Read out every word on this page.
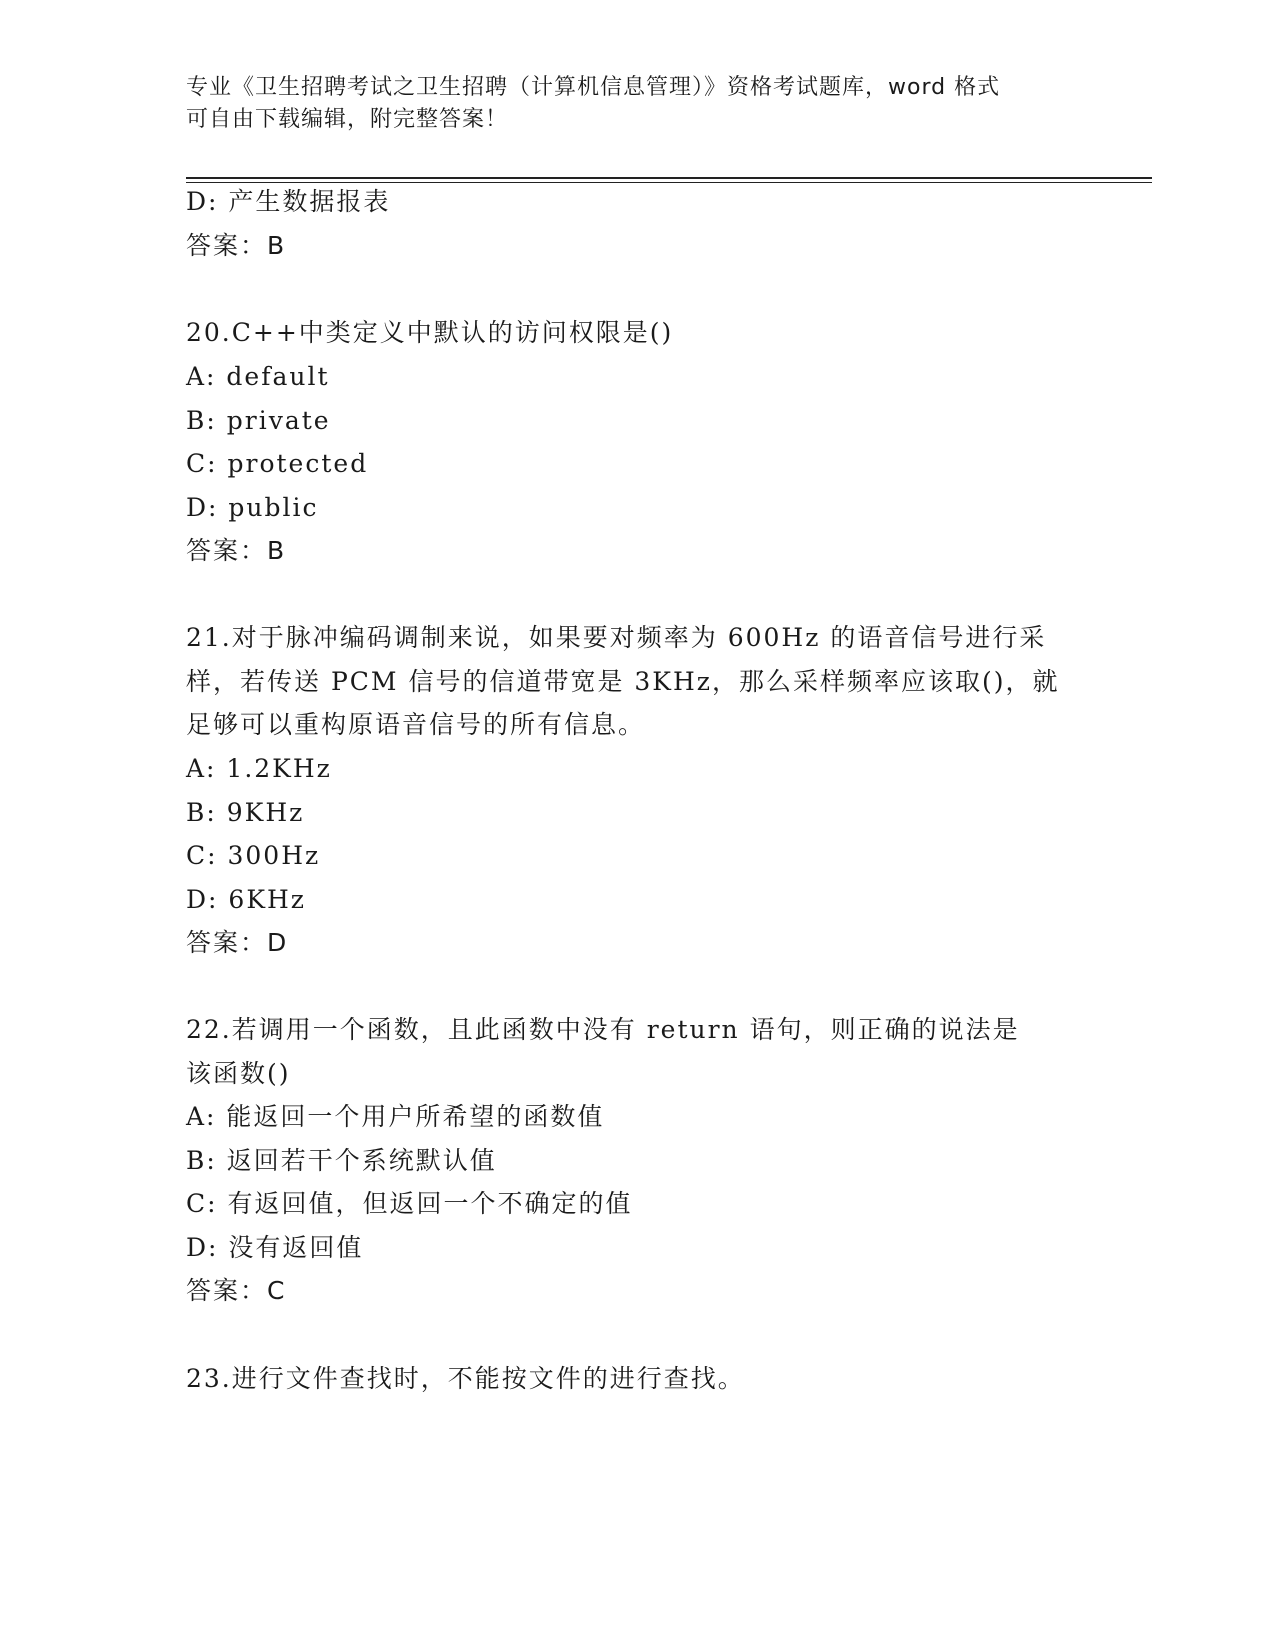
专业《卫生招聘考试之卫生招聘（计算机信息管理）》资格考试题库，word 格式
可自由下载编辑，附完整答案！
D: 产生数据报表
答案：B
20.C++中类定义中默认的访问权限是()
A: default
B: private
C: protected
D: public
答案：B
21.对于脉冲编码调制来说，如果要对频率为 600Hz 的语音信号进行采
样，若传送 PCM 信号的信道带宽是 3KHz，那么采样频率应该取()，就
足够可以重构原语音信号的所有信息。
A: 1.2KHz
B: 9KHz
C: 300Hz
D: 6KHz
答案：D
22.若调用一个函数，且此函数中没有 return 语句，则正确的说法是
该函数()
A: 能返回一个用户所希望的函数值
B: 返回若干个系统默认值
C: 有返回值，但返回一个不确定的值
D: 没有返回值
答案：C
23.进行文件查找时，不能按文件的进行查找。
